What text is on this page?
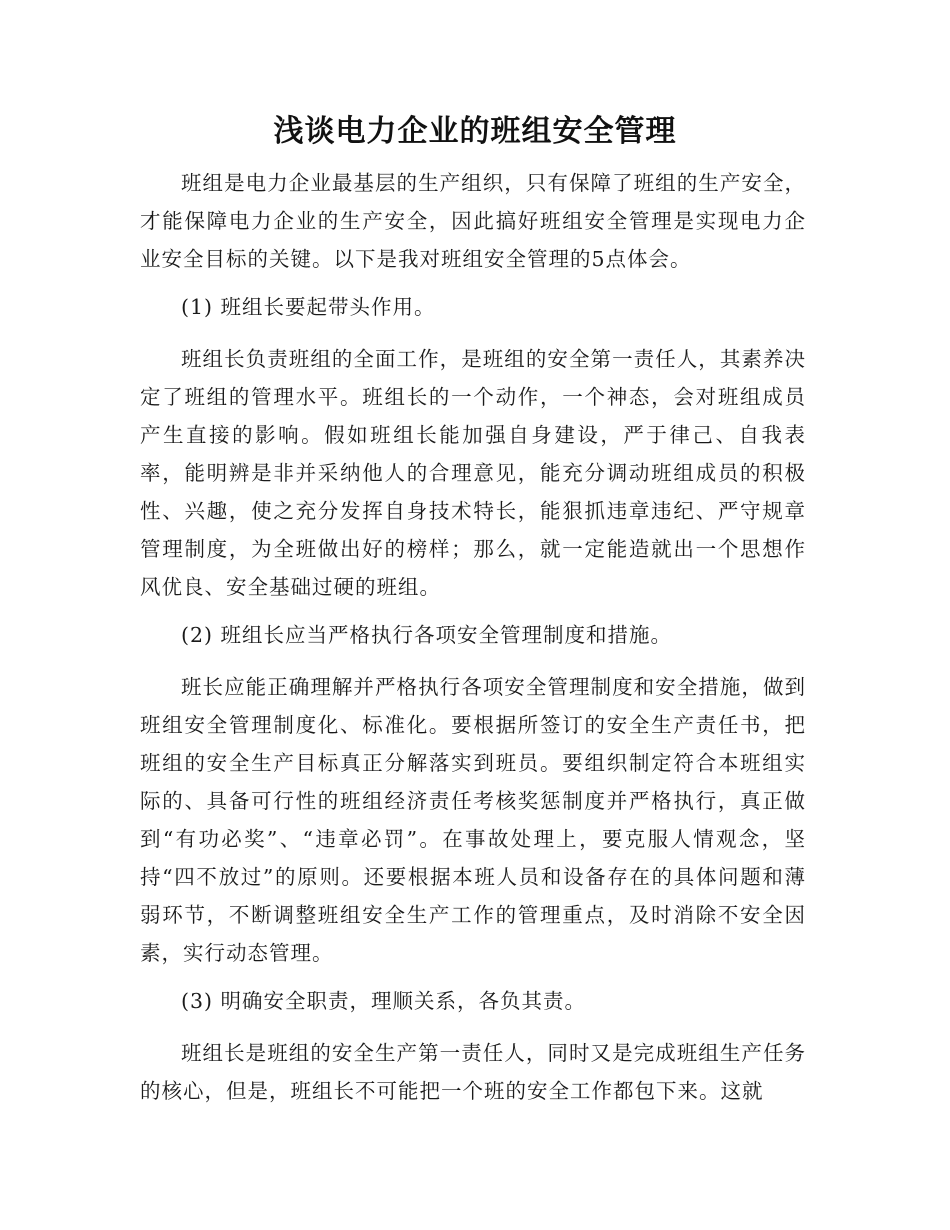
浅谈电力企业的班组安全管理

班组是电力企业最基层的生产组织，只有保障了班组的生产安全，才能保障电力企业的生产安全，因此搞好班组安全管理是实现电力企业安全目标的关键。以下是我对班组安全管理的5点体会。

(1) 班组长要起带头作用。

班组长负责班组的全面工作，是班组的安全第一责任人，其素养决定了班组的管理水平。班组长的一个动作，一个神态，会对班组成员产生直接的影响。假如班组长能加强自身建设，严于律己、自我表率，能明辨是非并采纳他人的合理意见，能充分调动班组成员的积极性、兴趣，使之充分发挥自身技术特长，能狠抓违章违纪、严守规章管理制度，为全班做出好的榜样；那么，就一定能造就出一个思想作风优良、安全基础过硬的班组。

(2) 班组长应当严格执行各项安全管理制度和措施。

班长应能正确理解并严格执行各项安全管理制度和安全措施，做到班组安全管理制度化、标准化。要根据所签订的安全生产责任书，把班组的安全生产目标真正分解落实到班员。要组织制定符合本班组实际的、具备可行性的班组经济责任考核奖惩制度并严格执行，真正做到“有功必奖”、“违章必罚”。在事故处理上，要克服人情观念，坚持“四不放过”的原则。还要根据本班人员和设备存在的具体问题和薄弱环节，不断调整班组安全生产工作的管理重点，及时消除不安全因素，实行动态管理。

(3) 明确安全职责，理顺关系，各负其责。

班组长是班组的安全生产第一责任人，同时又是完成班组生产任务的核心，但是，班组长不可能把一个班的安全工作都包下来。这就
